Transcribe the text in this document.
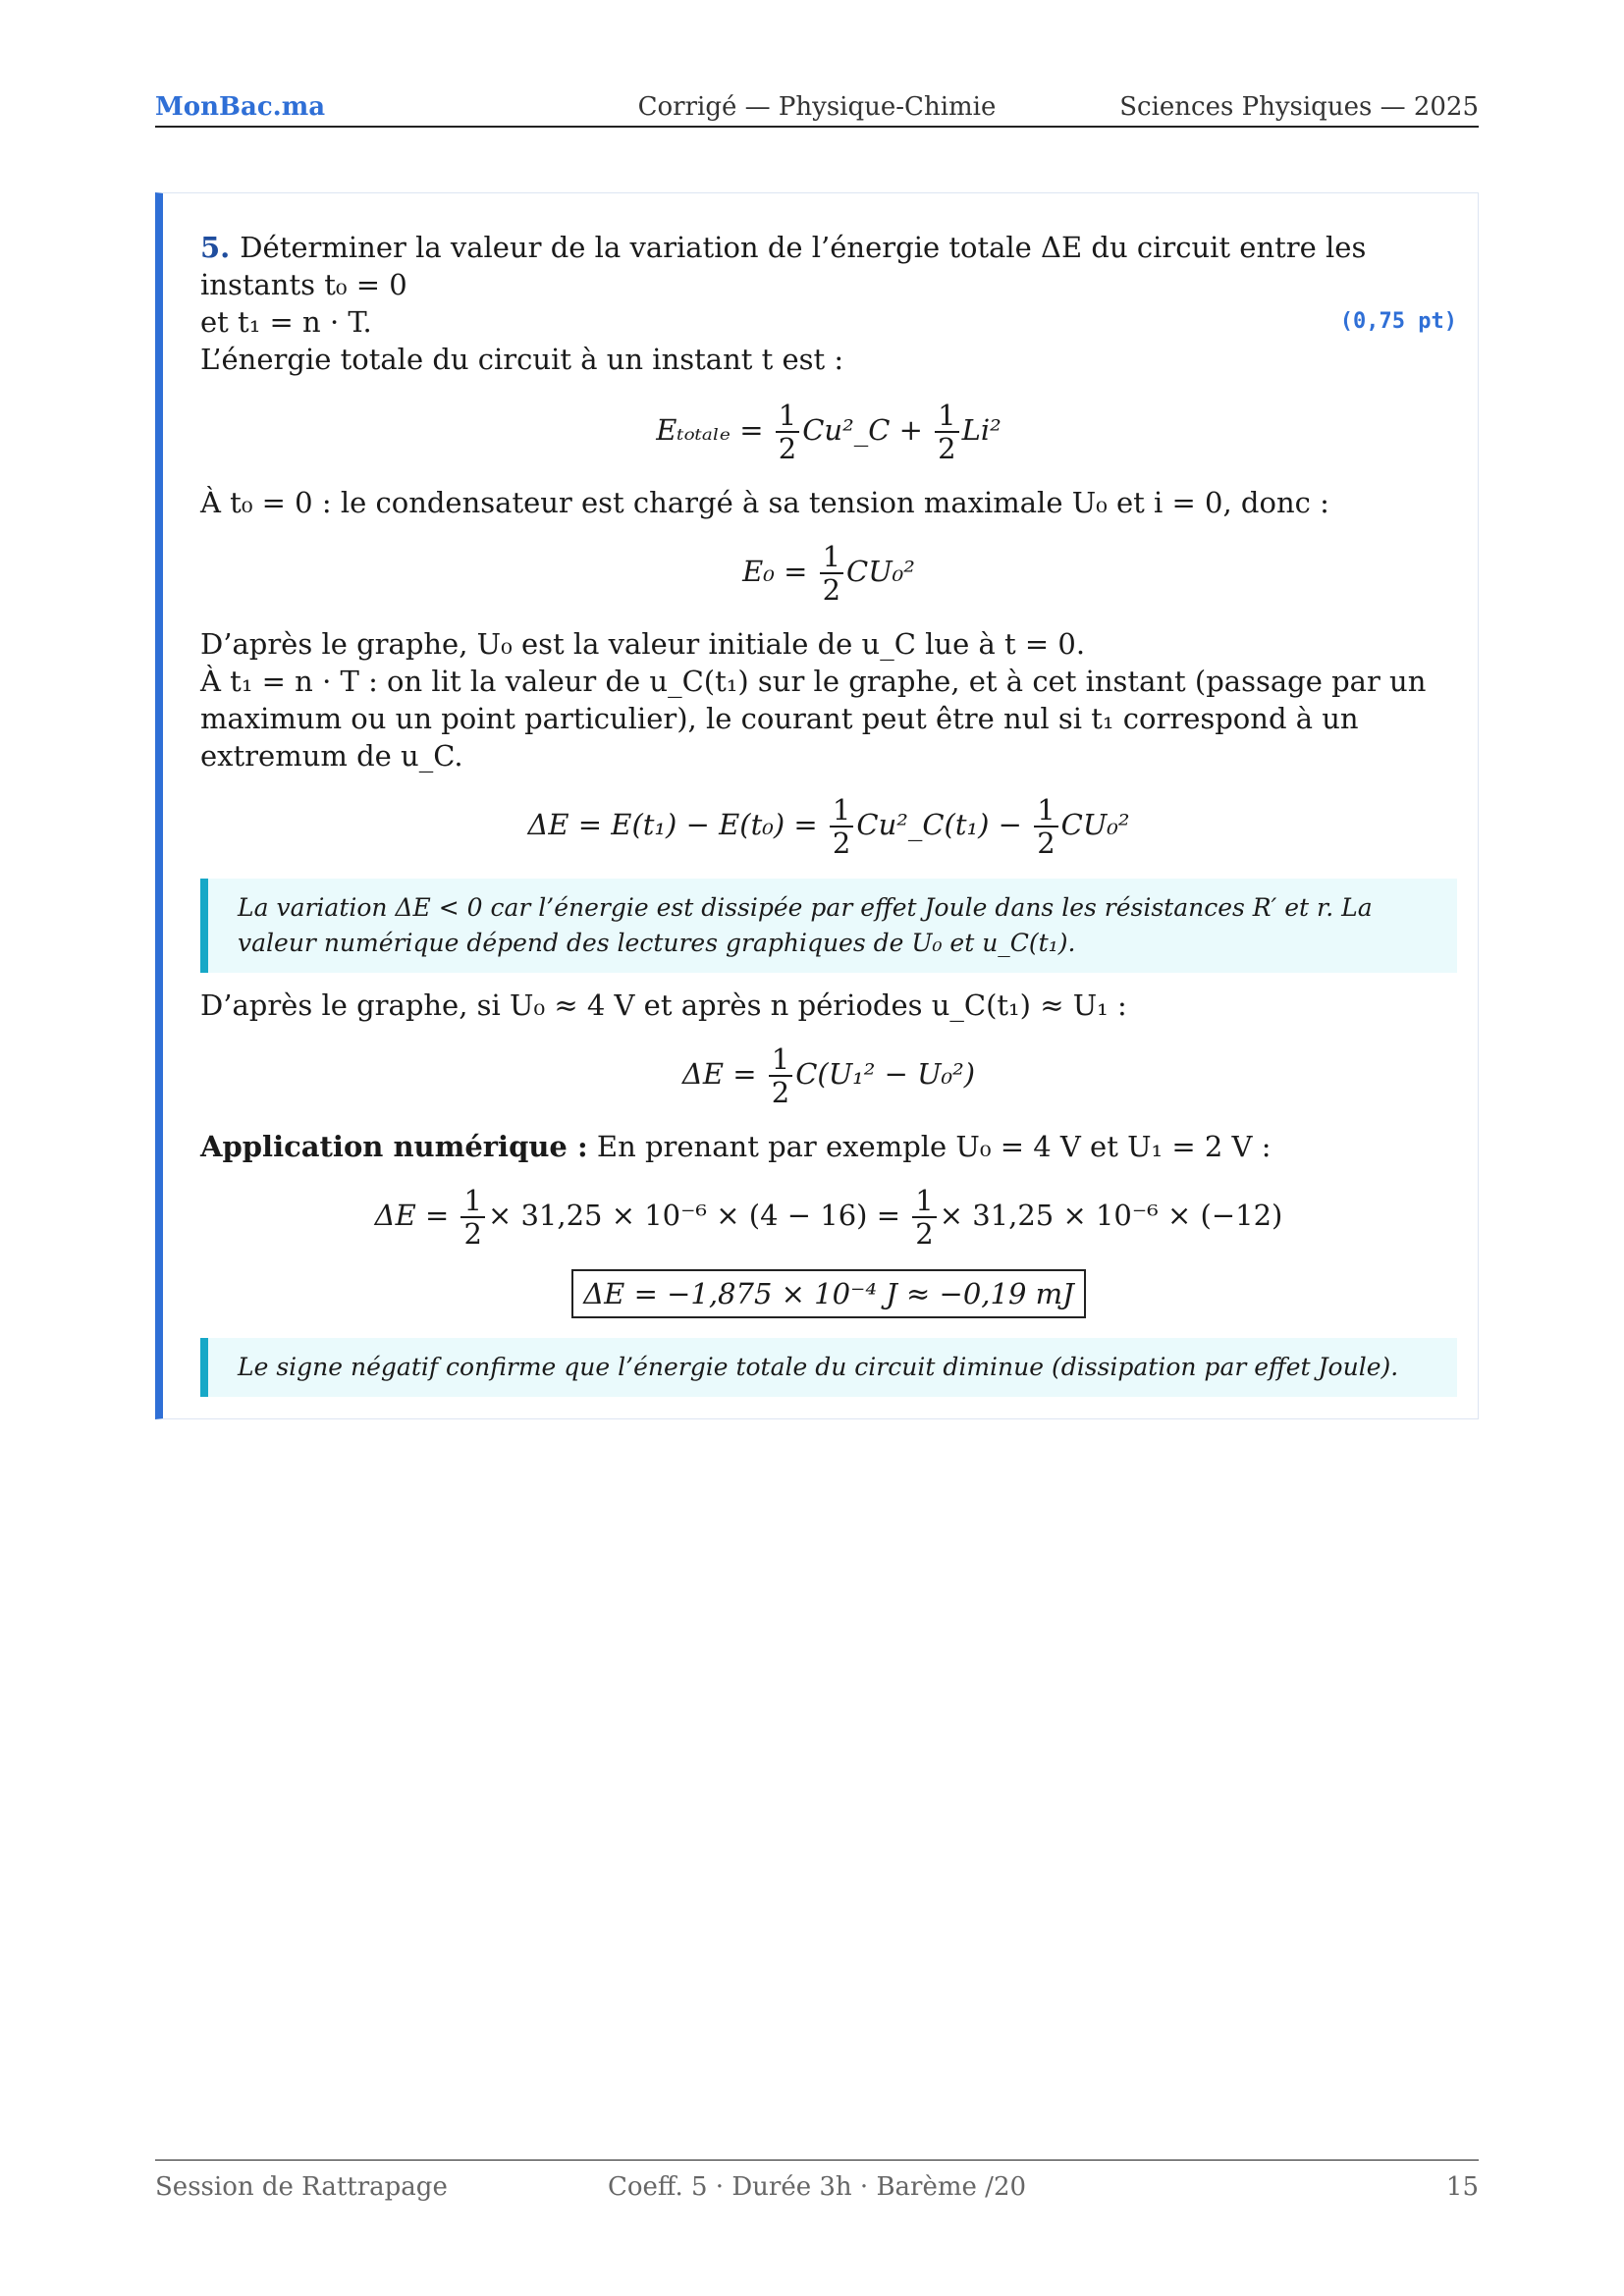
MonBac.ma	Corrigé — Physique-Chimie	Sciences Physiques — 2025

5. Déterminer la valeur de la variation de l’énergie totale ΔE du circuit entre les instants t₀ = 0

et t₁ = n · T.	(0,75 pt)

L’énergie totale du circuit à un instant t est :

$E_{totale} = \frac{1}{2}$ Cu²_C + $\frac{1}{2} Li^2$

À t₀ = 0 : le condensateur est chargé à sa tension maximale U₀ et i = 0, donc :

$E_0 = \frac{1}{2} CU_0^2$

D’après le graphe, U₀ est la valeur initiale de u_C lue à t = 0.

À t₁ = n · T : on lit la valeur de u_C(t₁) sur le graphe, et à cet instant (passage par un maximum ou un point particulier), le courant peut être nul si t₁ correspond à un extremum de u_C.

$\Delta E = E(t_1) - E(t_0) = \frac{1}{2}$ Cu²_C(t₁) − $\frac{1}{2} CU_0^2$
La variation ΔE < 0 car l’énergie est dissipée par effet Joule dans les résistances R′ et r. La valeur numérique dépend des lectures graphiques de U₀ et u_C(t₁).

D’après le graphe, si U₀ ≈ 4 V et après n périodes u_C(t₁) ≈ U₁ :

$\Delta E = \frac{1}{2} C(U_1^2 - U_0^2)$

Application numérique : En prenant par exemple U₀ = 4 V et U₁ = 2 V :

$\Delta E = \frac{1}{2} \times 31,25 \times 10^{-6} \times (4 - 16) = \frac{1}{2} \times 31,25 \times 10^{-6} \times (-12)$
ΔE = −1,875 × 10⁻⁴ J ≈ −0,19 mJ
Le signe négatif confirme que l’énergie totale du circuit diminue (dissipation par effet Joule).
Session de Rattrapage	Coeff. 5 · Durée 3h · Barème /20	15
